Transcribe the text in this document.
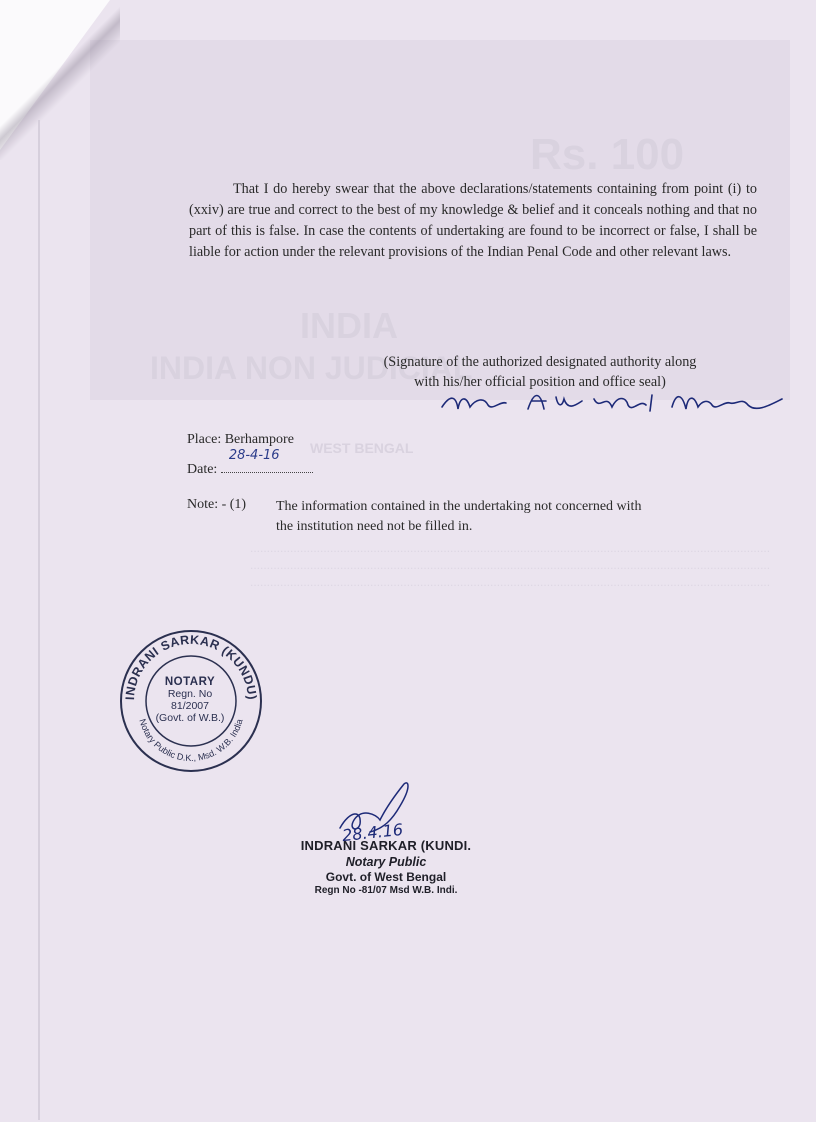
Rs. 100
INDIA
INDIA NON JUDICIAL
WEST BENGAL
............................................................................................................................................................
............................................................................................................................................................
............................................................................................................................................................

That I do hereby swear that the above declarations/statements containing from point (i) to (xxiv) are true and correct to the best of my knowledge & belief and it conceals nothing and that no part of this is false. In case the contents of undertaking are found to be incorrect or false, I shall be liable for action under the relevant provisions of the Indian Penal Code and other relevant laws.

(Signature of the authorized designated authority along
with his/her official position and office seal)
Place: Berhampore
Date:
28-4-16
Note: - (1) The information contained in the undertaking not concerned with the institution need not be filled in.
INDRANI SARKAR (KUNDU)
Notary Public D.K., Msd. W.B. India
NOTARY
Regn. No
81/2007
(Govt. of W.B.)
28.4.16
INDRANI SARKAR (KUNDI.
Notary Public
Govt. of West Bengal
Regn No -81/07 Msd W.B. Indi.
